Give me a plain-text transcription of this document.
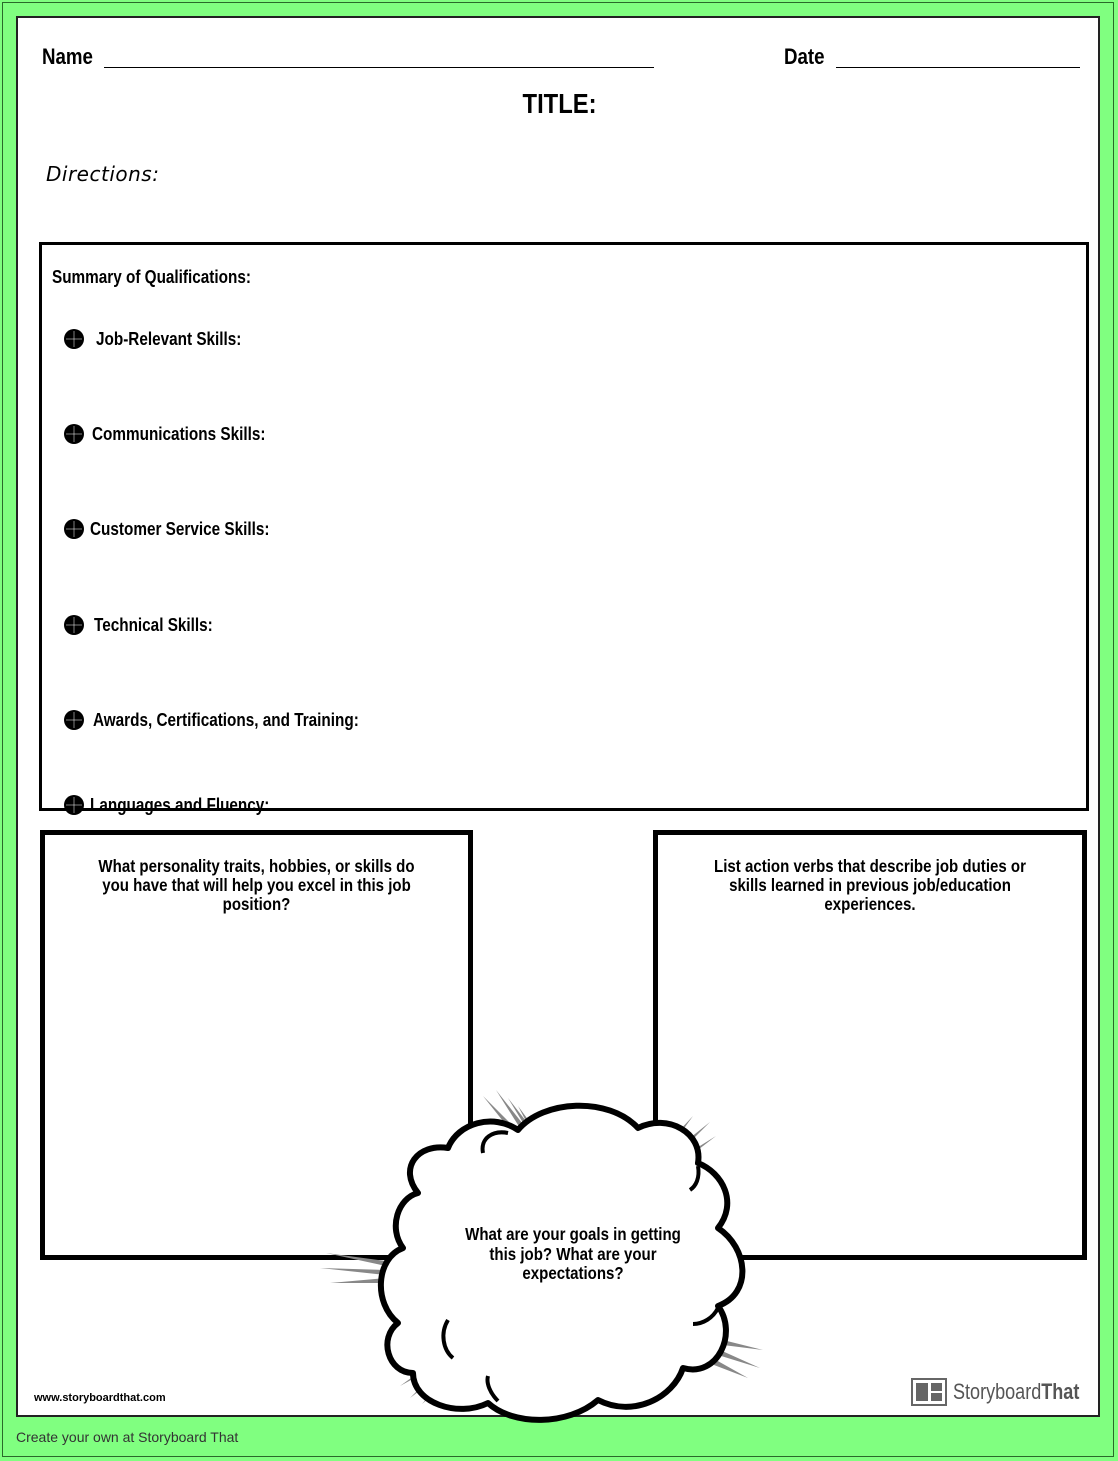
Name	Date
TITLE:
Directions:
Summary of Qualifications:
Job-Relevant Skills:
Communications Skills:
Customer Service Skills:
Technical Skills:
Awards, Certifications, and Training:
Languages and Fluency:
What personality traits, hobbies, or skills do you have that will help you excel in this job position?
List action verbs that describe job duties or skills learned in previous job/education experiences.
What are your goals in getting this job? What are your expectations?
www.storyboardthat.com	StoryboardThat
Create your own at Storyboard That
